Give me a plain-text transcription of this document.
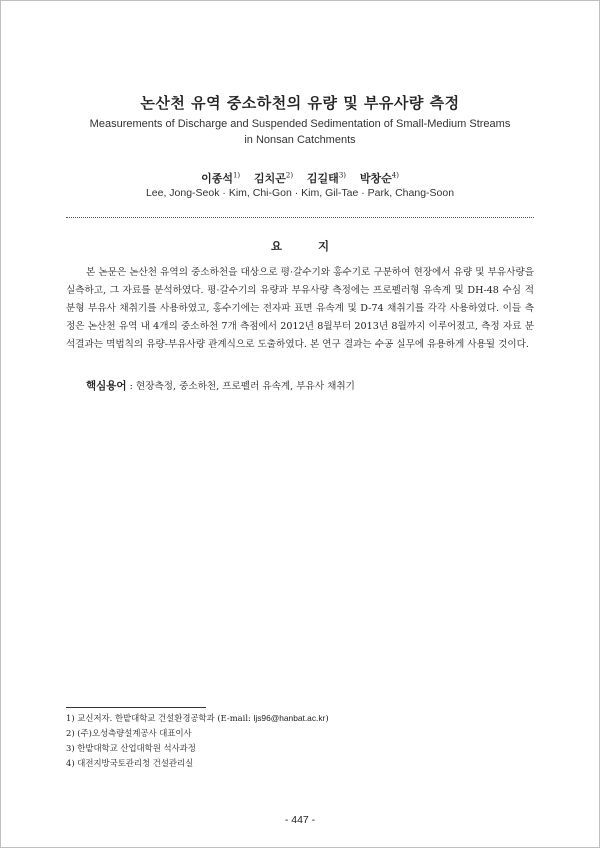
논산천 유역 중소하천의 유량 및 부유사량 측정
Measurements of Discharge and Suspended Sedimentation of Small-Medium Streams
in Nonsan Catchments
이종석$^{1)}$ 김치곤$^{2)}$ 김길태$^{3)}$ 박창순$^{4)}$
Lee, Jong-Seok · Kim, Chi-Gon · Kim, Gil-Tae · Park, Chang-Soon
요 지

본 논문은 논산천 유역의 중소하천을 대상으로 평·갈수기와 홍수기로 구분하여 현장에서 유량 및 부유사량을 실측하고, 그 자료를 분석하였다. 평·갈수기의 유량과 부유사량 측정에는 프로펠러형 유속계 및 DH-48 수심 적분형 부유사 채취기를 사용하였고, 홍수기에는 전자파 표면 유속계 및 D-74 채취기를 각각 사용하였다. 이들 측정은 논산천 유역 내 4개의 중소하천 7개 측점에서 2012년 8월부터 2013년 8월까지 이루어졌고, 측정 자료 분석결과는 멱법칙의 유량-부유사량 관계식으로 도출하였다. 본 연구 결과는 수공 실무에 유용하게 사용될 것이다.

핵심용어 : 현장측정, 중소하천, 프로펠러 유속계, 부유사 채취기
1) 교신저자. 한밭대학교 건설환경공학과 (E-mail: ljs96@hanbat.ac.kr)
2) (주)오성측량설계공사 대표이사
3) 한밭대학교 산업대학원 석사과정
4) 대전지방국토관리청 건설관리실
- 447 -
